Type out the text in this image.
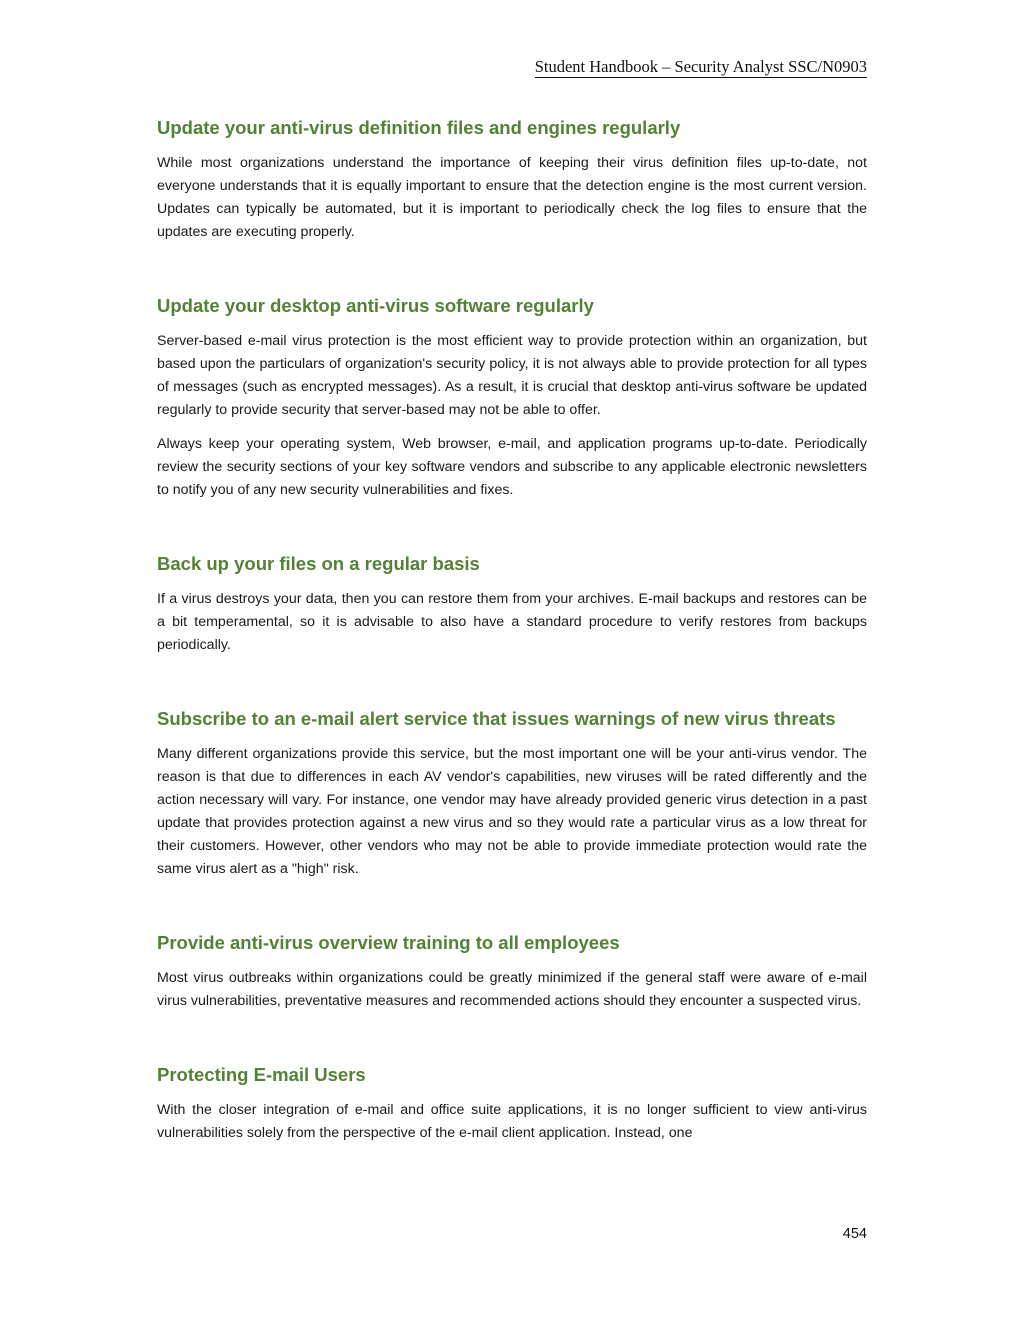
Student Handbook – Security Analyst SSC/N0903
Update your anti-virus definition files and engines regularly

While most organizations understand the importance of keeping their virus definition files up-to-date, not everyone understands that it is equally important to ensure that the detection engine is the most current version. Updates can typically be automated, but it is important to periodically check the log files to ensure that the updates are executing properly.

Update your desktop anti-virus software regularly

Server-based e-mail virus protection is the most efficient way to provide protection within an organization, but based upon the particulars of organization's security policy, it is not always able to provide protection for all types of messages (such as encrypted messages). As a result, it is crucial that desktop anti-virus software be updated regularly to provide security that server-based may not be able to offer.

Always keep your operating system, Web browser, e-mail, and application programs up-to-date. Periodically review the security sections of your key software vendors and subscribe to any applicable electronic newsletters to notify you of any new security vulnerabilities and fixes.

Back up your files on a regular basis

If a virus destroys your data, then you can restore them from your archives. E-mail backups and restores can be a bit temperamental, so it is advisable to also have a standard procedure to verify restores from backups periodically.

Subscribe to an e-mail alert service that issues warnings of new virus threats

Many different organizations provide this service, but the most important one will be your anti-virus vendor. The reason is that due to differences in each AV vendor's capabilities, new viruses will be rated differently and the action necessary will vary. For instance, one vendor may have already provided generic virus detection in a past update that provides protection against a new virus and so they would rate a particular virus as a low threat for their customers. However, other vendors who may not be able to provide immediate protection would rate the same virus alert as a "high" risk.

Provide anti-virus overview training to all employees

Most virus outbreaks within organizations could be greatly minimized if the general staff were aware of e-mail virus vulnerabilities, preventative measures and recommended actions should they encounter a suspected virus.

Protecting E-mail Users

With the closer integration of e-mail and office suite applications, it is no longer sufficient to view anti-virus vulnerabilities solely from the perspective of the e-mail client application. Instead, one

454
